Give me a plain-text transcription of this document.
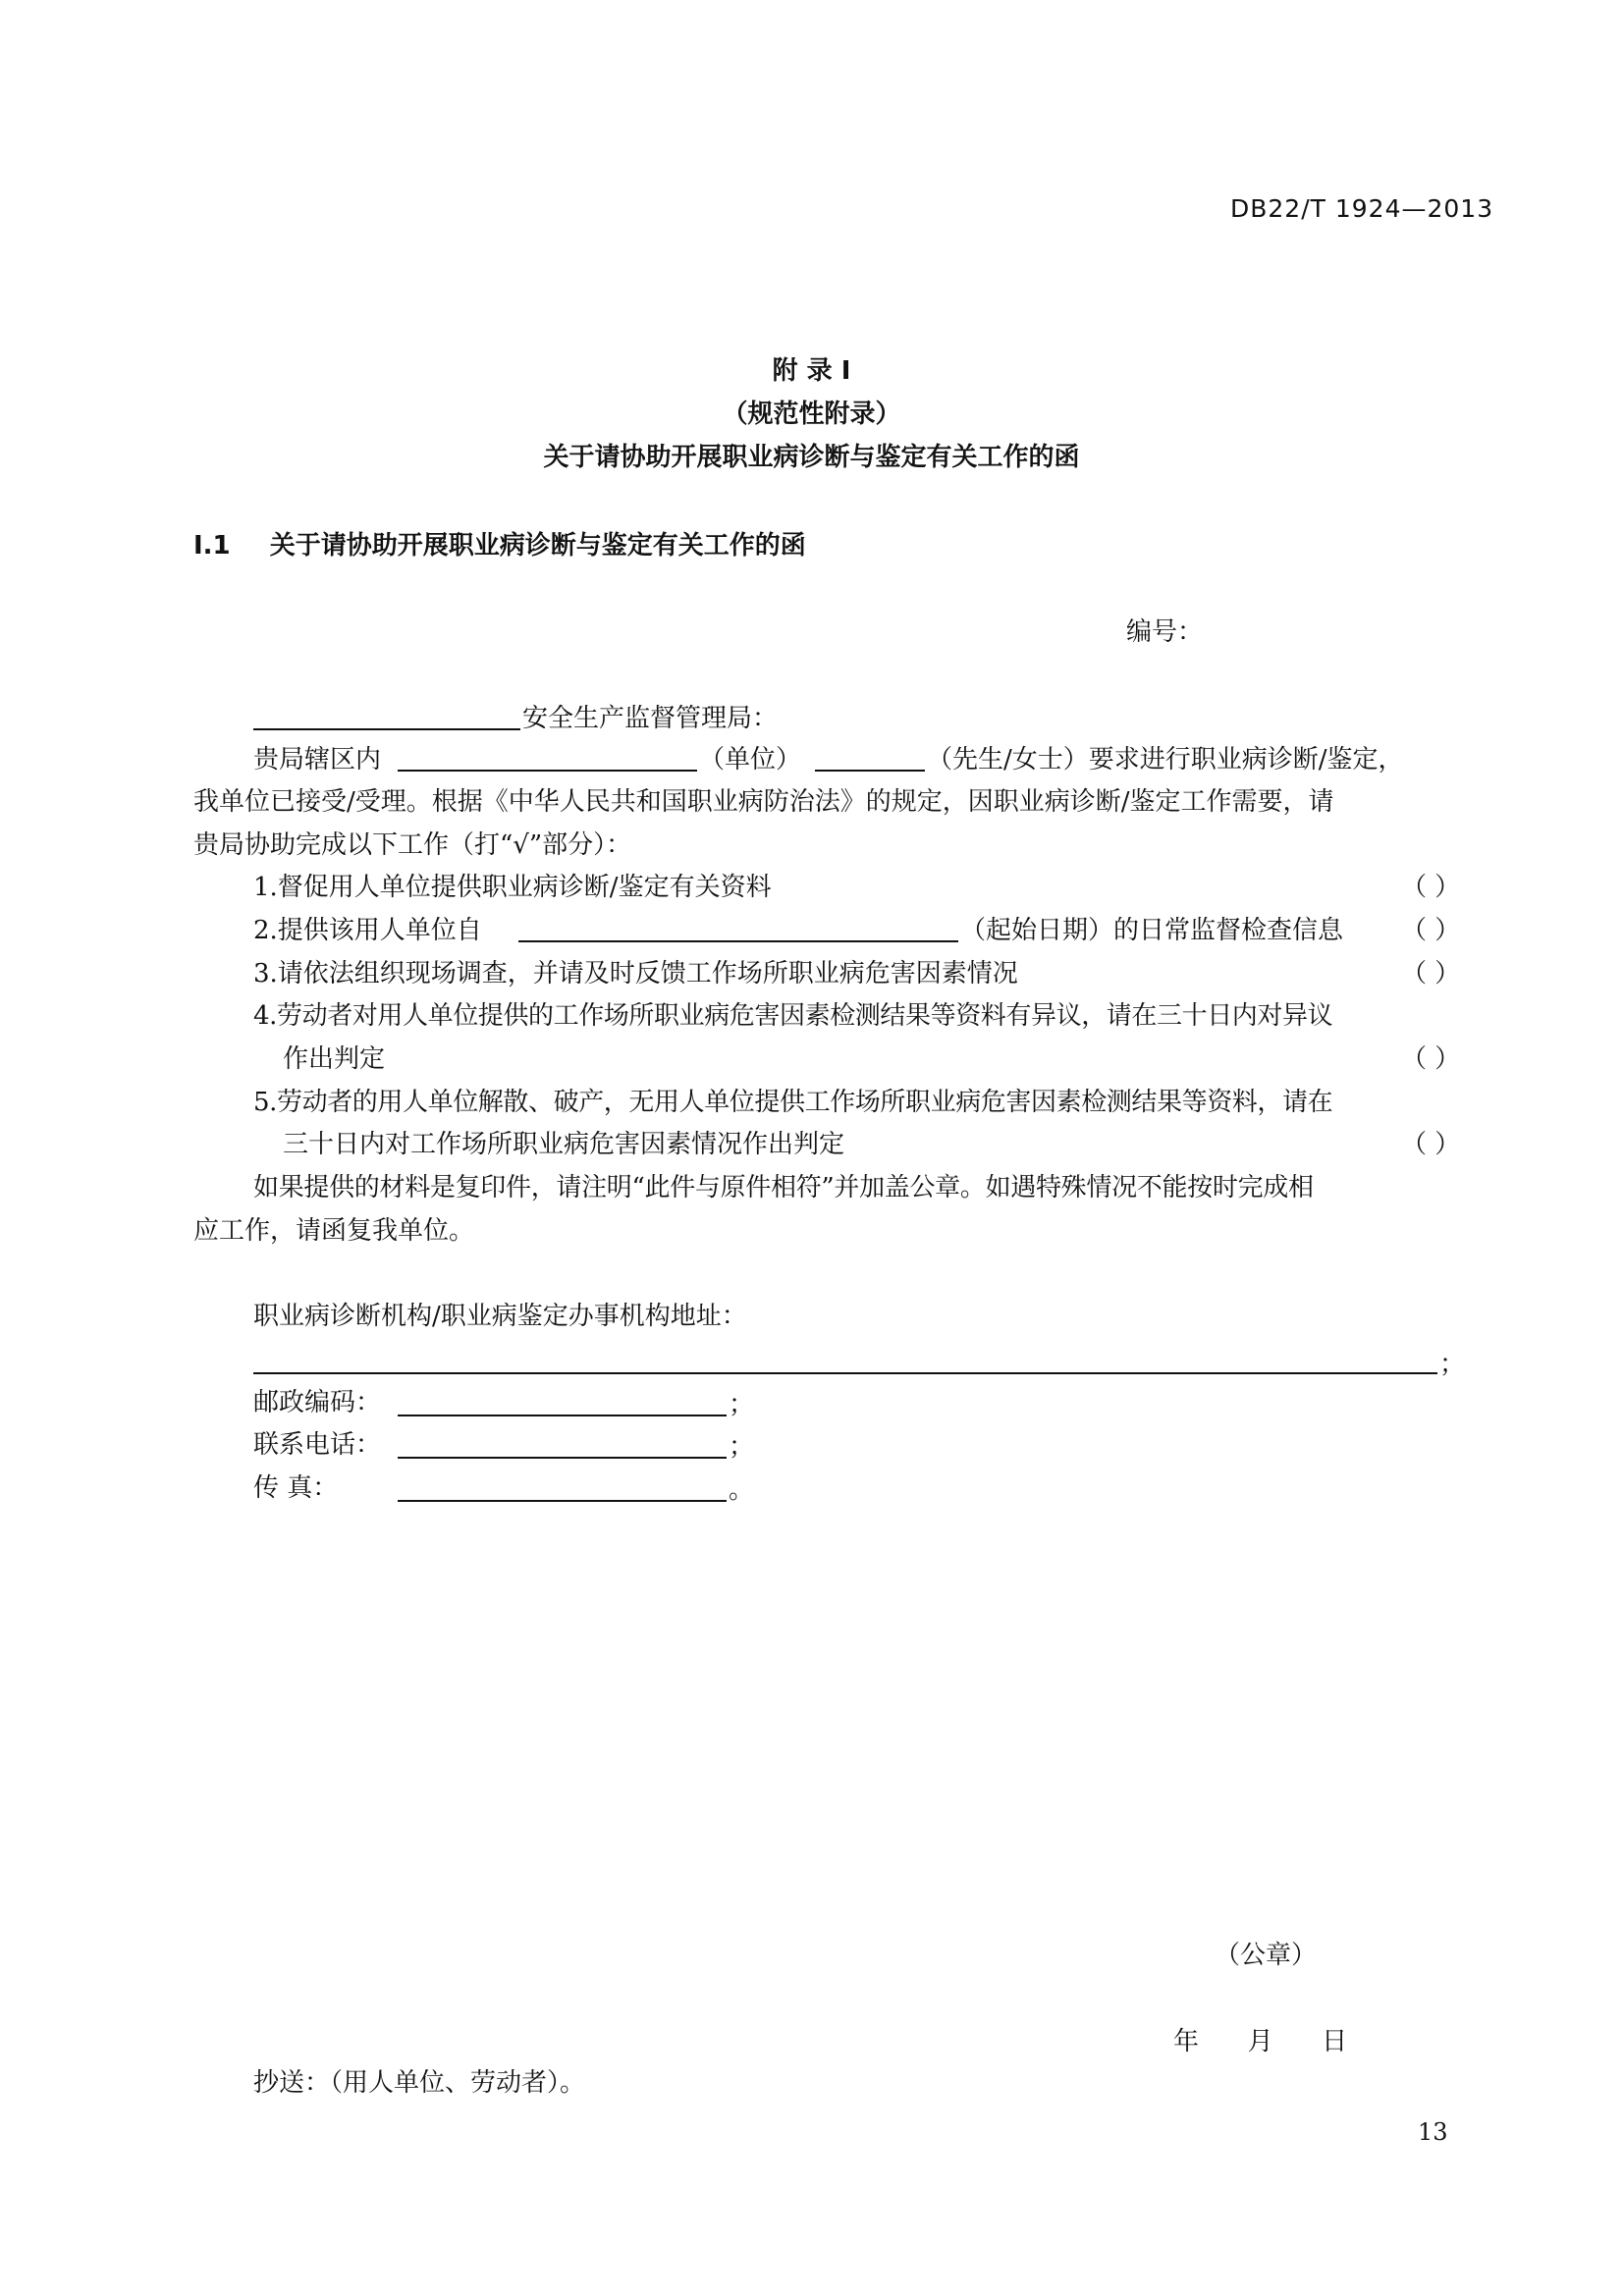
DB22/T 1924—2013
附 录 I
（规范性附录）
关于请协助开展职业病诊断与鉴定有关工作的函
I.1 关于请协助开展职业病诊断与鉴定有关工作的函
编号：
安全生产监督管理局：
贵局辖区内	（单位）	（先生/女士）要求进行职业病诊断/鉴定，
我单位已接受/受理。根据《中华人民共和国职业病防治法》的规定，因职业病诊断/鉴定工作需要，请
贵局协助完成以下工作（打“√”部分）：
1.督促用人单位提供职业病诊断/鉴定有关资料	（ ）
2.提供该用人单位自	（起始日期）的日常监督检查信息 （ ）
3.请依法组织现场调查，并请及时反馈工作场所职业病危害因素情况	（ ）
4.劳动者对用人单位提供的工作场所职业病危害因素检测结果等资料有异议，请在三十日内对异议
作出判定	（ ）
5.劳动者的用人单位解散、破产，无用人单位提供工作场所职业病危害因素检测结果等资料，请在
三十日内对工作场所职业病危害因素情况作出判定	（ ）
如果提供的材料是复印件，请注明“此件与原件相符”并加盖公章。如遇特殊情况不能按时完成相
应工作，请函复我单位。
职业病诊断机构/职业病鉴定办事机构地址：
；
邮政编码：	；
联系电话：	；
传 真：	。
（公章）
年      月      日
抄送：（用人单位、劳动者）。
13
